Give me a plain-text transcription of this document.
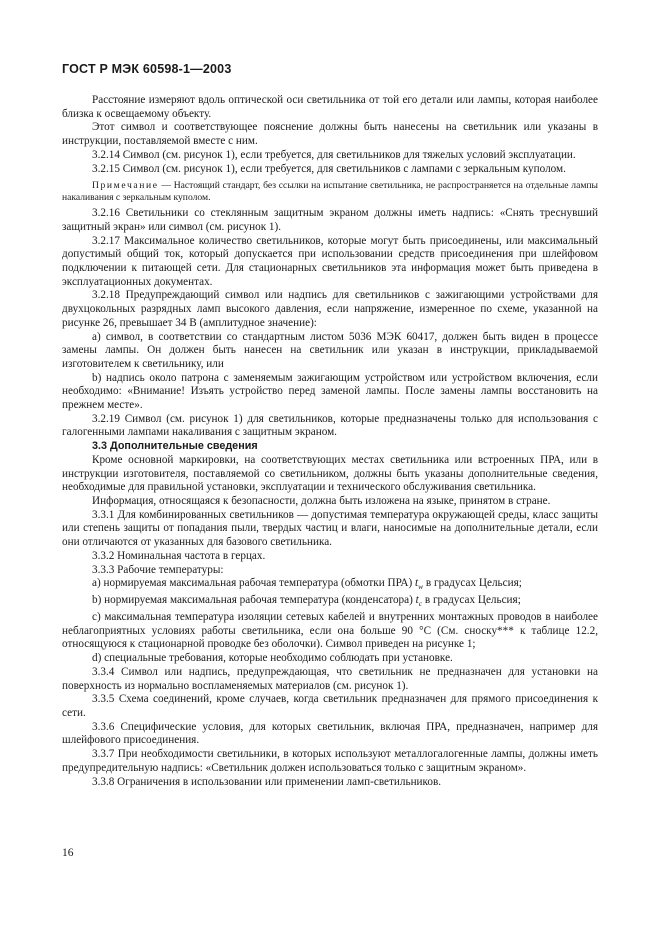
ГОСТ Р МЭК 60598-1—2003

Расстояние измеряют вдоль оптической оси светильника от той его детали или лампы, которая наиболее близка к освещаемому объекту.

Этот символ и соответствующее пояснение должны быть нанесены на светильник или указаны в инструкции, поставляемой вместе с ним.

3.2.14 Символ (см. рисунок 1), если требуется, для светильников для тяжелых условий эксплуатации.

3.2.15 Символ (см. рисунок 1), если требуется, для светильников с лампами с зеркальным куполом.

Примечание — Настоящий стандарт, без ссылки на испытание светильника, не распространяется на отдельные лампы накаливания с зеркальным куполом.

3.2.16 Светильники со стеклянным защитным экраном должны иметь надпись: «Снять треснувший защитный экран» или символ (см. рисунок 1).

3.2.17 Максимальное количество светильников, которые могут быть присоединены, или максимальный допустимый общий ток, который допускается при использовании средств присоединения при шлейфовом подключении к питающей сети. Для стационарных светильников эта информация может быть приведена в эксплуатационных документах.

3.2.18 Предупреждающий символ или надпись для светильников с зажигающими устройствами для двухцокольных разрядных ламп высокого давления, если напряжение, измеренное по схеме, указанной на рисунке 26, превышает 34 В (амплитудное значение):

a) символ, в соответствии со стандартным листом 5036 МЭК 60417, должен быть виден в процессе замены лампы. Он должен быть нанесен на светильник или указан в инструкции, прикладываемой изготовителем к светильнику, или

b) надпись около патрона с заменяемым зажигающим устройством или устройством включения, если необходимо: «Внимание! Изъять устройство перед заменой лампы. После замены лампы восстановить на прежнем месте».

3.2.19 Символ (см. рисунок 1) для светильников, которые предназначены только для использования с галогенными лампами накаливания с защитным экраном.

3.3 Дополнительные сведения

Кроме основной маркировки, на соответствующих местах светильника или встроенных ПРА, или в инструкции изготовителя, поставляемой со светильником, должны быть указаны дополнительные сведения, необходимые для правильной установки, эксплуатации и технического обслуживания светильника.

Информация, относящаяся к безопасности, должна быть изложена на языке, принятом в стране.

3.3.1 Для комбинированных светильников — допустимая температура окружающей среды, класс защиты или степень защиты от попадания пыли, твердых частиц и влаги, наносимые на дополнительные детали, если они отличаются от указанных для базового светильника.

3.3.2 Номинальная частота в герцах.

3.3.3 Рабочие температуры:

a) нормируемая максимальная рабочая температура (обмотки ПРА) $t_w$ в градусах Цельсия;

b) нормируемая максимальная рабочая температура (конденсатора) $t_c$ в градусах Цельсия;

c) максимальная температура изоляции сетевых кабелей и внутренних монтажных проводов в наиболее неблагоприятных условиях работы светильника, если она больше 90 °С (См. сноску*** к таблице 12.2, относящуюся к стационарной проводке без оболочки). Символ приведен на рисунке 1;

d) специальные требования, которые необходимо соблюдать при установке.

3.3.4 Символ или надпись, предупреждающая, что светильник не предназначен для установки на поверхность из нормально воспламеняемых материалов (см. рисунок 1).

3.3.5 Схема соединений, кроме случаев, когда светильник предназначен для прямого присоединения к сети.

3.3.6 Специфические условия, для которых светильник, включая ПРА, предназначен, например для шлейфового присоединения.

3.3.7 При необходимости светильники, в которых используют металлогалогенные лампы, должны иметь предупредительную надпись: «Светильник должен использоваться только с защитным экраном».

3.3.8 Ограничения в использовании или применении ламп-светильников.

16
